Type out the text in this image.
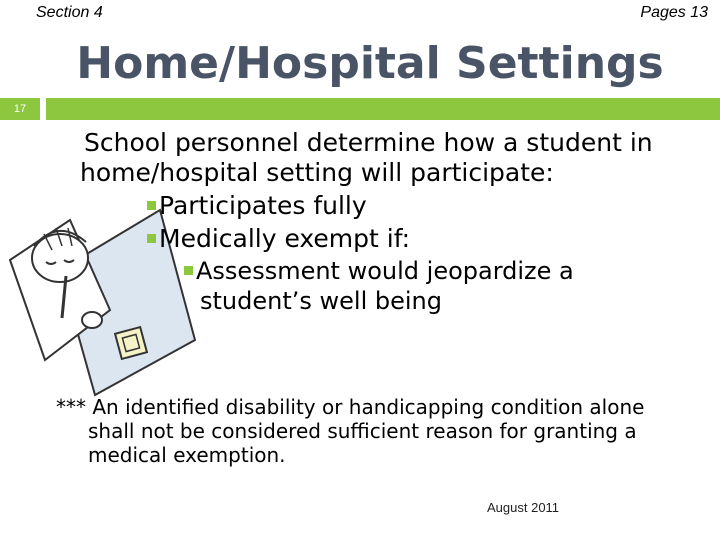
Section 4	Pages 13
Home/Hospital Settings
17
School personnel determine how a student in
home/hospital setting will participate:
Participates fully
Medically exempt if:
Assessment would jeopardize a
student’s well being
*** An identified disability or handicapping condition alone
shall not be considered sufficient reason for granting a
medical exemption.
August 2011
